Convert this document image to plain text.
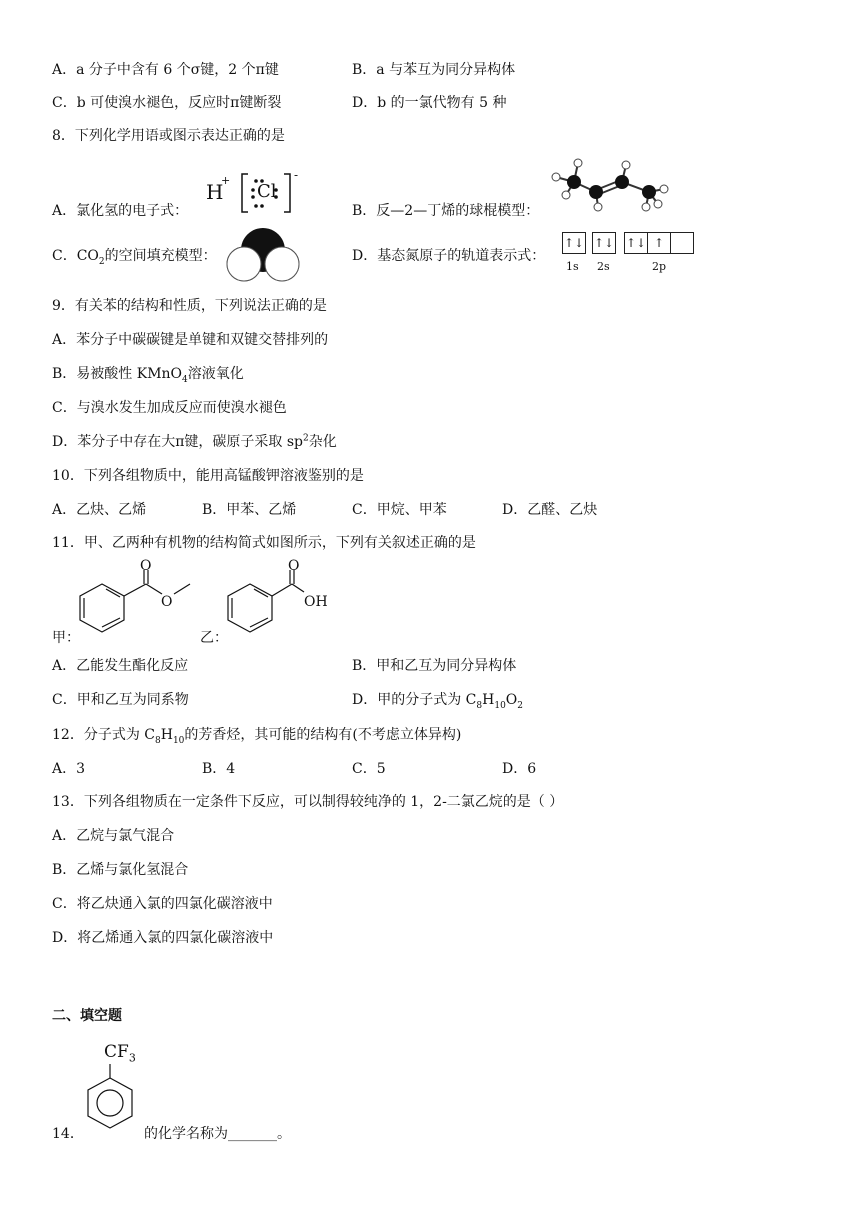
A．a 分子中含有 6 个σ键，2 个π键	B．a 与苯互为同分异构体
C．b 可使溴水褪色，反应时π键断裂	D．b 的一氯代物有 5 种
8．下列化学用语或图示表达正确的是
A．氯化氢的电子式：
H
+
Cl
-
B．反—2—丁烯的球棍模型：
C．$CO_2$的空间填充模型：	D．基态氮原子的轨道表示式：
↑↓ ↑↓ ↑↓ ↑
1s 2s	2p
9．有关苯的结构和性质，下列说法正确的是
A．苯分子中碳碳键是单键和双键交替排列的
B．易被酸性 KMnO$_4$溶液氧化
C．与溴水发生加成反应而使溴水褪色
D．苯分子中存在大π键，碳原子采取 $sp^2$杂化
10．下列各组物质中，能用高锰酸钾溶液鉴别的是
A．乙炔、乙烯	B．甲苯、乙烯	C．甲烷、甲苯	D．乙醛、乙炔
11．甲、乙两种有机物的结构简式如图所示，下列有关叙述正确的是
O
O
甲：
O
OH
乙：
A．乙能发生酯化反应	B．甲和乙互为同分异构体
C．甲和乙互为同系物	D．甲的分子式为 $C_8H_{10}O_2$
12．分子式为 $C_8H_{10}$的芳香烃，其可能的结构有(不考虑立体异构)
A．3	B．4	C．5	D．6
13．下列各组物质在一定条件下反应，可以制得较纯净的 1，2-二氯乙烷的是（ ）
A．乙烷与氯气混合
B．乙烯与氯化氢混合
C．将乙炔通入氯的四氯化碳溶液中
D．将乙烯通入氯的四氯化碳溶液中
二、填空题
$CF_3$
14．	的化学名称为_______。
